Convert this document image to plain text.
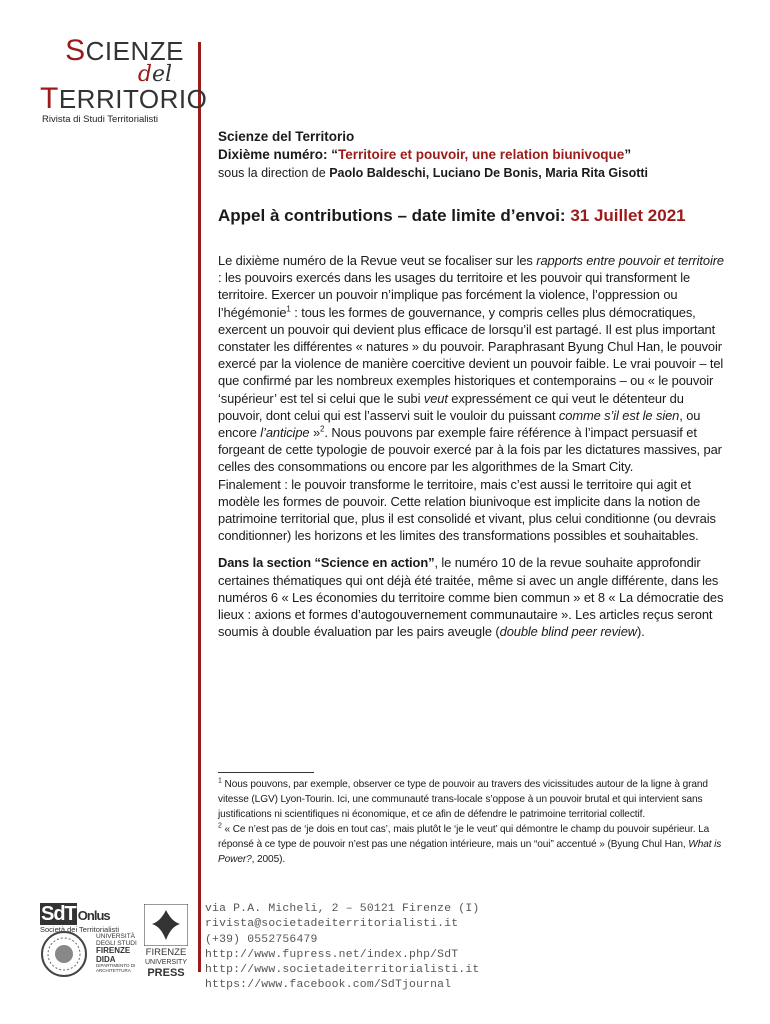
SCIENZE
del
TERRITORIO
Rivista di Studi Territorialisti
Scienze del Territorio
Dixième numéro: “Territoire et pouvoir, une relation biunivoque”
sous la direction de Paolo Baldeschi, Luciano De Bonis, Maria Rita Gisotti
Appel à contributions – date limite d’envoi: 31 Juillet 2021

Le dixième numéro de la Revue veut se focaliser sur les rapports entre pouvoir et territoire : les pouvoirs exercés dans les usages du territoire et les pouvoir qui transforment le territoire. Exercer un pouvoir n’implique pas forcément la violence, l’oppression ou l’hégémonie$^1$ : tous les formes de gouvernance, y compris celles plus démocratiques, exercent un pouvoir qui devient plus efficace de lorsqu’il est partagé. Il est plus important constater les différentes « natures » du pouvoir. Paraphrasant Byung Chul Han, le pouvoir exercé par la violence de manière coercitive devient un pouvoir faible. Le vrai pouvoir – tel que confirmé par les nombreux exemples historiques et contemporains – ou « le pouvoir ‘supérieur’ est tel si celui que le subi veut expressément ce qui veut le détenteur du pouvoir, dont celui qui est l’asservi suit le vouloir du puissant comme s’il est le sien, ou encore l’anticipe »$^2$. Nous pouvons par exemple faire référence à l’impact persuasif et forgeant de cette typologie de pouvoir exercé par à la fois par les dictatures massives, par celles des consommations ou encore par les algorithmes de la Smart City.

Finalement : le pouvoir transforme le territoire, mais c’est aussi le territoire qui agit et modèle les formes de pouvoir. Cette relation biunivoque est implicite dans la notion de patrimoine territorial que, plus il est consolidé et vivant, plus celui conditionne (ou devrais conditionner) les horizons et les limites des transformations possibles et souhaitables.

Dans la section “Science en action”, le numéro 10 de la revue souhaite approfondir certaines thématiques qui ont déjà été traitée, même si avec un angle différente, dans les numéros 6 « Les économies du territoire comme bien commun » et 8 « La démocratie des lieux : axions et formes d’autogouvernement communautaire ». Les articles reçus seront soumis à double évaluation par les pairs aveugle (double blind peer review).

$^1$ Nous pouvons, par exemple, observer ce type de pouvoir au travers des vicissitudes autour de la ligne à grand vitesse (LGV) Lyon-Tourin. Ici, une communauté trans-locale s’oppose à un pouvoir brutal et qui intervient sans justifications ni scientifiques ni économique, et ce afin de défendre le patrimoine territorial collectif.

$^2$ « Ce n’est pas de ‘je dois en tout cas’, mais plutôt le ‘je le veut’ qui démontre le champ du pouvoir supérieur. La réponsé à ce type de pouvoir n’est pas une négation intérieure, mais un “oui” accentué » (Byung Chul Han, What is Power?, 2005).

SdT Onlus
Società dei Territorialisti
UNIVERSITÀ
DEGLI STUDI
FIRENZE
DIDA
DIPARTIMENTO DI ARCHITETTURA
FIRENZE
UNIVERSITY
PRESS
via P.A. Micheli, 2 – 50121 Firenze (I)
rivista@societadeiterritorialisti.it
(+39) 0552756479
http://www.fupress.net/index.php/SdT
http://www.societadeiterritorialisti.it
https://www.facebook.com/SdTjournal
